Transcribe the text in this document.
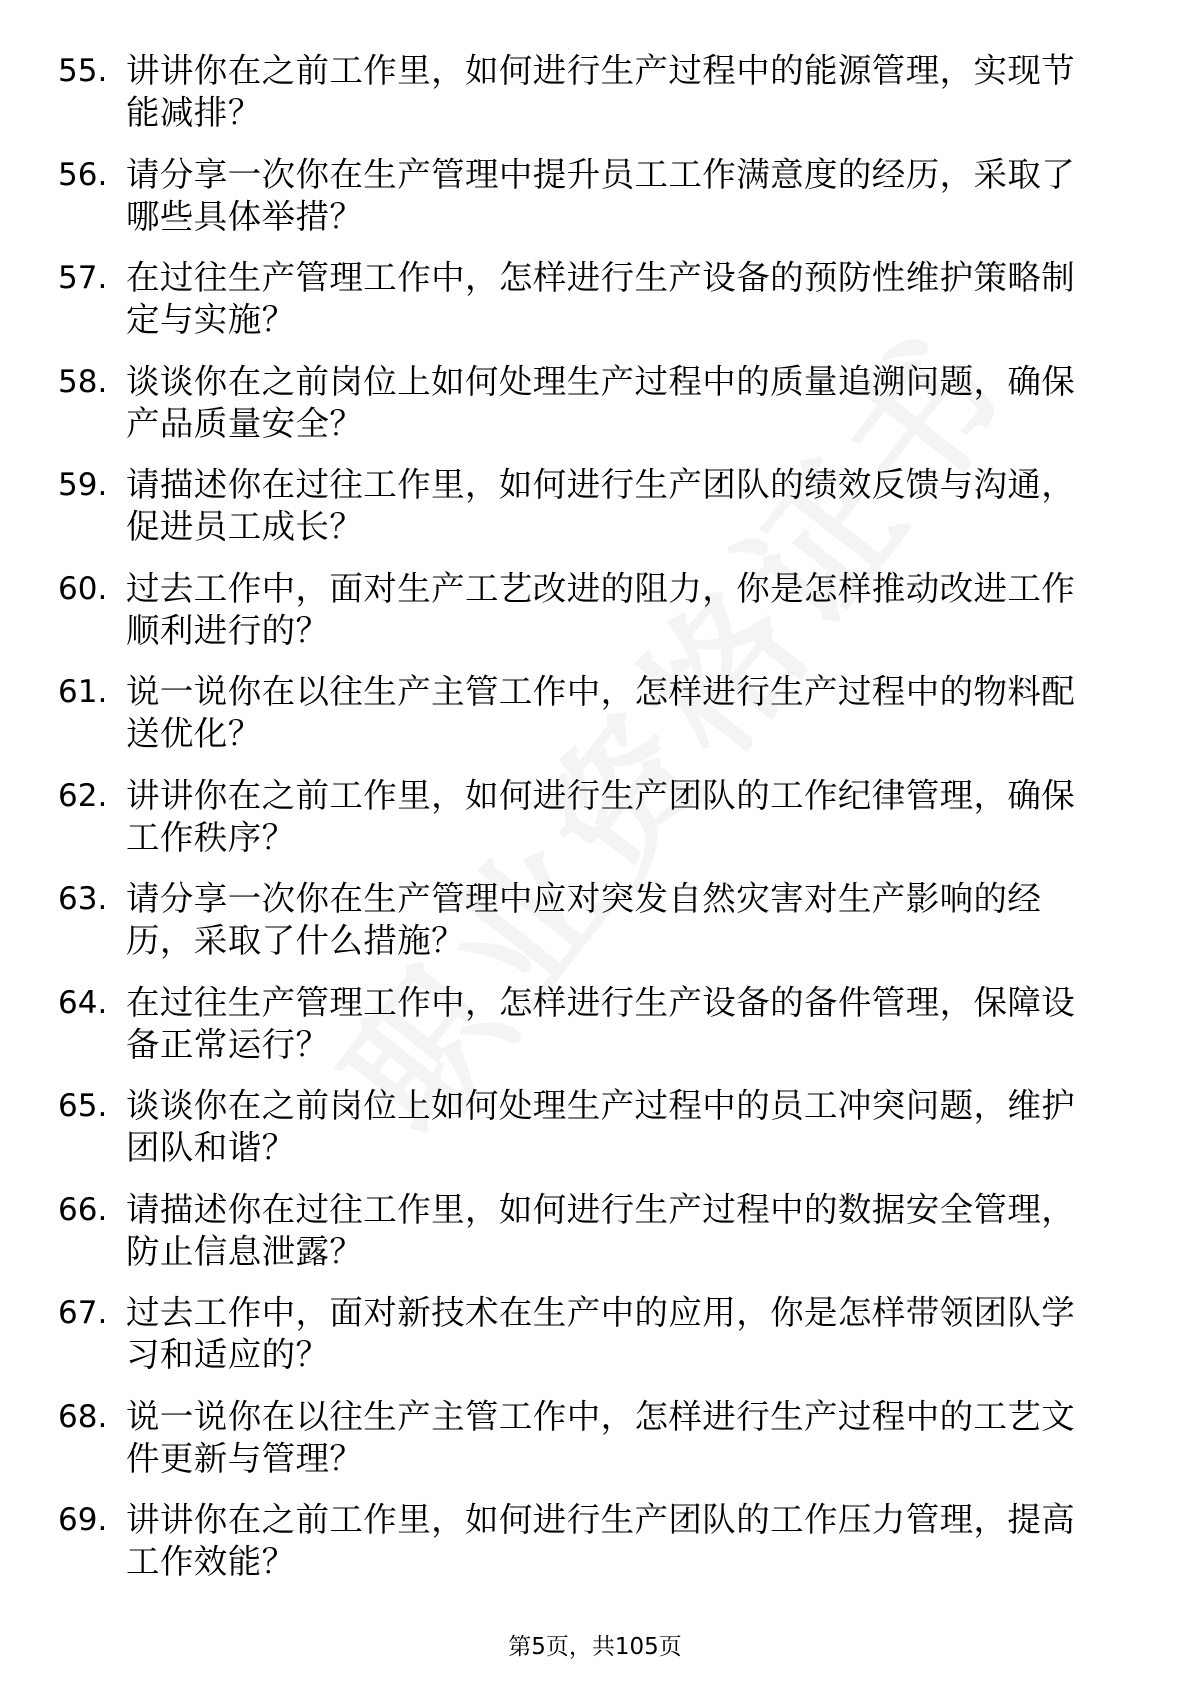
55. 讲讲你在之前工作里，如何进行生产过程中的能源管理，实现节能减排？
56. 请分享一次你在生产管理中提升员工工作满意度的经历，采取了哪些具体举措？
57. 在过往生产管理工作中，怎样进行生产设备的预防性维护策略制定与实施？
58. 谈谈你在之前岗位上如何处理生产过程中的质量追溯问题，确保产品质量安全？
59. 请描述你在过往工作里，如何进行生产团队的绩效反馈与沟通，促进员工成长？
60. 过去工作中，面对生产工艺改进的阻力，你是怎样推动改进工作顺利进行的？
61. 说一说你在以往生产主管工作中，怎样进行生产过程中的物料配送优化？
62. 讲讲你在之前工作里，如何进行生产团队的工作纪律管理，确保工作秩序？
63. 请分享一次你在生产管理中应对突发自然灾害对生产影响的经历，采取了什么措施？
64. 在过往生产管理工作中，怎样进行生产设备的备件管理，保障设备正常运行？
65. 谈谈你在之前岗位上如何处理生产过程中的员工冲突问题，维护团队和谐？
66. 请描述你在过往工作里，如何进行生产过程中的数据安全管理，防止信息泄露？
67. 过去工作中，面对新技术在生产中的应用，你是怎样带领团队学习和适应的？
68. 说一说你在以往生产主管工作中，怎样进行生产过程中的工艺文件更新与管理？
69. 讲讲你在之前工作里，如何进行生产团队的工作压力管理，提高工作效能？
第5页，共105页
